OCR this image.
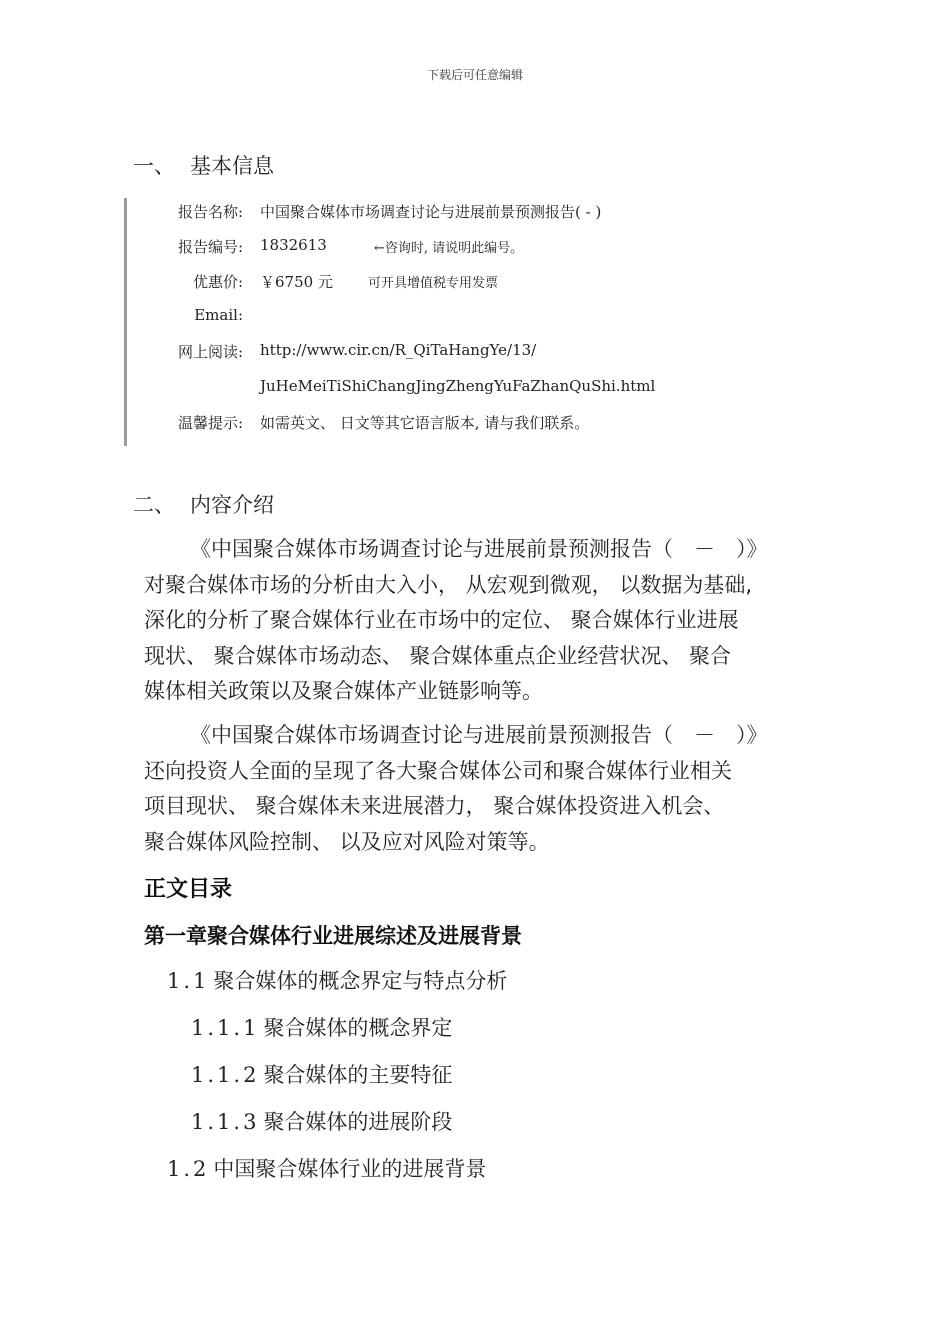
下载后可任意编辑
一、 基本信息
报告名称: 中国聚合媒体市场调查讨论与进展前景预测报告( - )
报告编号: 1832613	←咨询时, 请说明此编号。
优惠价: ￥6750 元	可开具增值税专用发票
Email:
网上阅读: http://www.cir.cn/R_QiTaHangYe/13/
JuHeMeiTiShiChangJingZhengYuFaZhanQuShi.html
温馨提示: 如需英文、 日文等其它语言版本, 请与我们联系。
二、 内容介绍
《中国聚合媒体市场调查讨论与进展前景预测报告（　－　）》
对聚合媒体市场的分析由大入小， 从宏观到微观， 以数据为基础,
深化的分析了聚合媒体行业在市场中的定位、 聚合媒体行业进展
现状、 聚合媒体市场动态、 聚合媒体重点企业经营状况、 聚合
媒体相关政策以及聚合媒体产业链影响等。
《中国聚合媒体市场调查讨论与进展前景预测报告（　－　）》
还向投资人全面的呈现了各大聚合媒体公司和聚合媒体行业相关
项目现状、 聚合媒体未来进展潜力， 聚合媒体投资进入机会、
聚合媒体风险控制、 以及应对风险对策等。
正文目录
第一章聚合媒体行业进展综述及进展背景
1.1 聚合媒体的概念界定与特点分析
1.1.1 聚合媒体的概念界定
1.1.2 聚合媒体的主要特征
1.1.3 聚合媒体的进展阶段
1.2 中国聚合媒体行业的进展背景
